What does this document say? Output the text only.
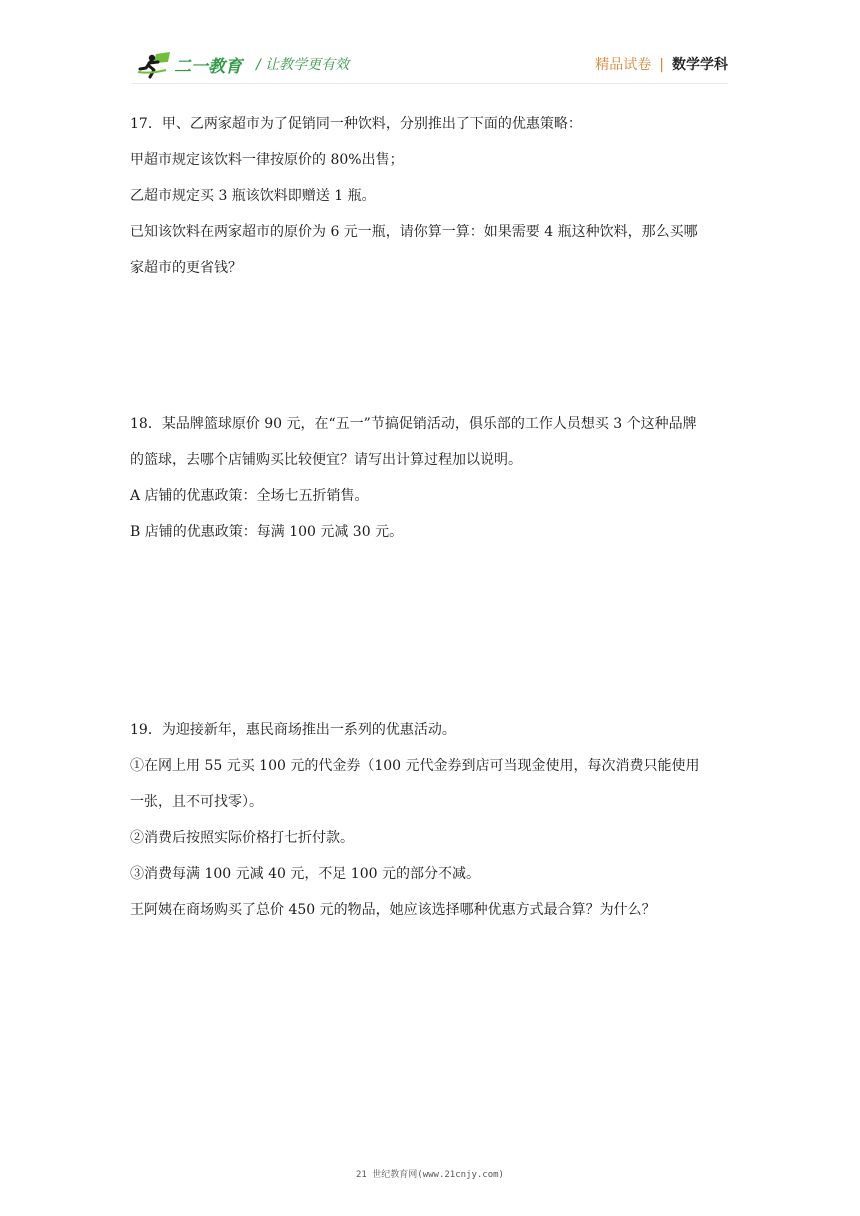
二一教育 / 让教学更有效	精品试卷 | 数学学科
17．甲、乙两家超市为了促销同一种饮料，分别推出了下面的优惠策略：
甲超市规定该饮料一律按原价的 80%出售；
乙超市规定买 3 瓶该饮料即赠送 1 瓶。
已知该饮料在两家超市的原价为 6 元一瓶，请你算一算：如果需要 4 瓶这种饮料，那么买哪
家超市的更省钱？
18．某品牌篮球原价 90 元，在“五一”节搞促销活动，俱乐部的工作人员想买 3 个这种品牌
的篮球，去哪个店铺购买比较便宜？请写出计算过程加以说明。
A 店铺的优惠政策：全场七五折销售。
B 店铺的优惠政策：每满 100 元减 30 元。
19．为迎接新年，惠民商场推出一系列的优惠活动。
①在网上用 55 元买 100 元的代金券（100 元代金券到店可当现金使用，每次消费只能使用
一张，且不可找零）。
②消费后按照实际价格打七折付款。
③消费每满 100 元减 40 元，不足 100 元的部分不减。
王阿姨在商场购买了总价 450 元的物品，她应该选择哪种优惠方式最合算？为什么？
21 世纪教育网(www.21cnjy.com)
